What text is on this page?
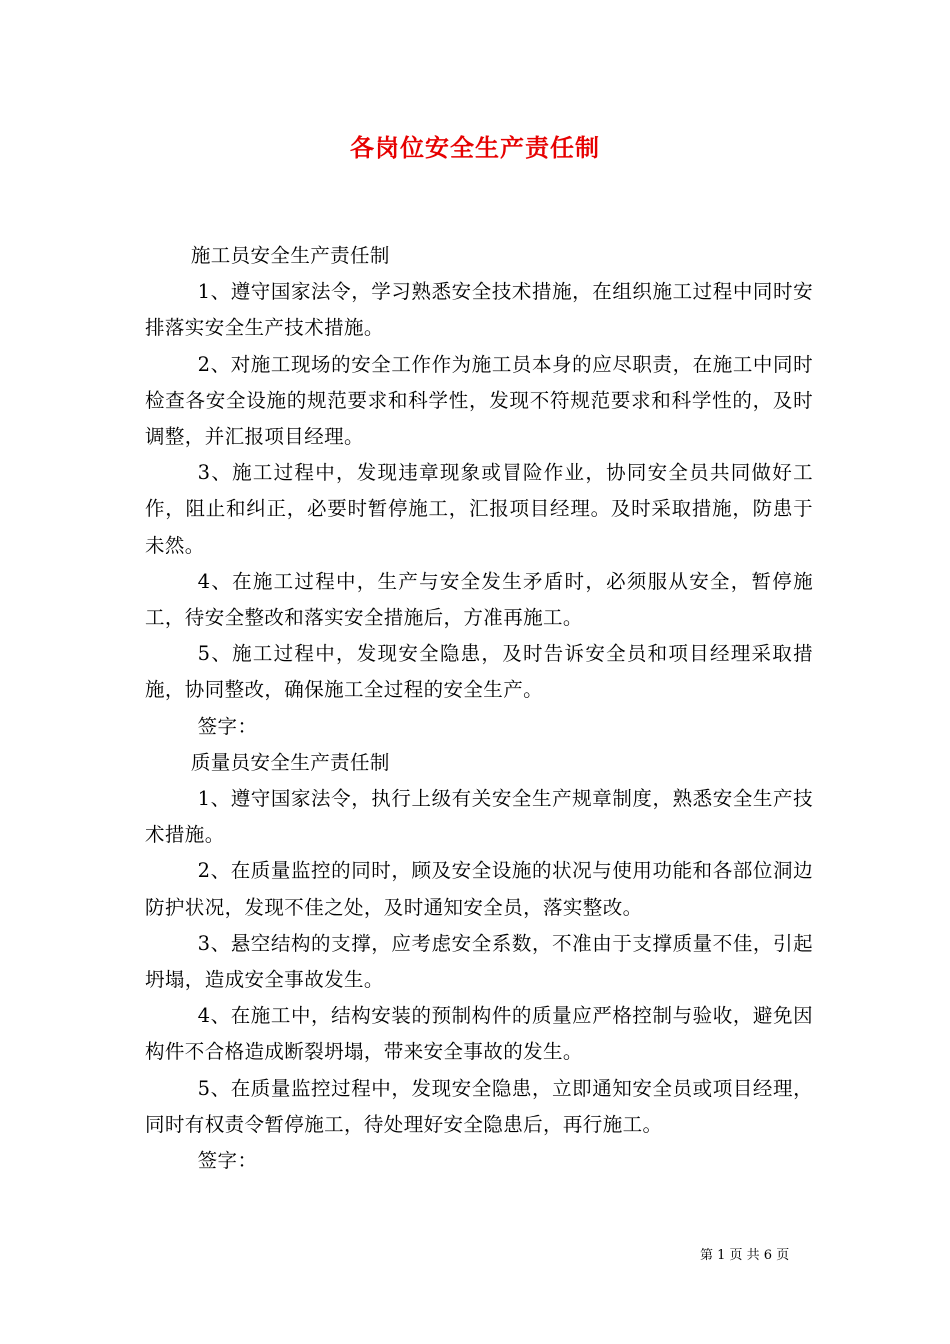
各岗位安全生产责任制

施工员安全生产责任制

1、遵守国家法令，学习熟悉安全技术措施，在组织施工过程中同时安排落实安全生产技术措施。

2、对施工现场的安全工作作为施工员本身的应尽职责，在施工中同时检查各安全设施的规范要求和科学性，发现不符规范要求和科学性的，及时调整，并汇报项目经理。

3、施工过程中，发现违章现象或冒险作业，协同安全员共同做好工作，阻止和纠正，必要时暂停施工，汇报项目经理。及时采取措施，防患于未然。

4、在施工过程中，生产与安全发生矛盾时，必须服从安全，暂停施工，待安全整改和落实安全措施后，方准再施工。

5、施工过程中，发现安全隐患，及时告诉安全员和项目经理采取措施，协同整改，确保施工全过程的安全生产。

签字：

质量员安全生产责任制

1、遵守国家法令，执行上级有关安全生产规章制度，熟悉安全生产技术措施。

2、在质量监控的同时，顾及安全设施的状况与使用功能和各部位洞边防护状况，发现不佳之处，及时通知安全员，落实整改。

3、悬空结构的支撑，应考虑安全系数，不准由于支撑质量不佳，引起坍塌，造成安全事故发生。

4、在施工中，结构安装的预制构件的质量应严格控制与验收，避免因构件不合格造成断裂坍塌，带来安全事故的发生。

5、在质量监控过程中，发现安全隐患，立即通知安全员或项目经理，同时有权责令暂停施工，待处理好安全隐患后，再行施工。

签字：

第 1 页 共 6 页
